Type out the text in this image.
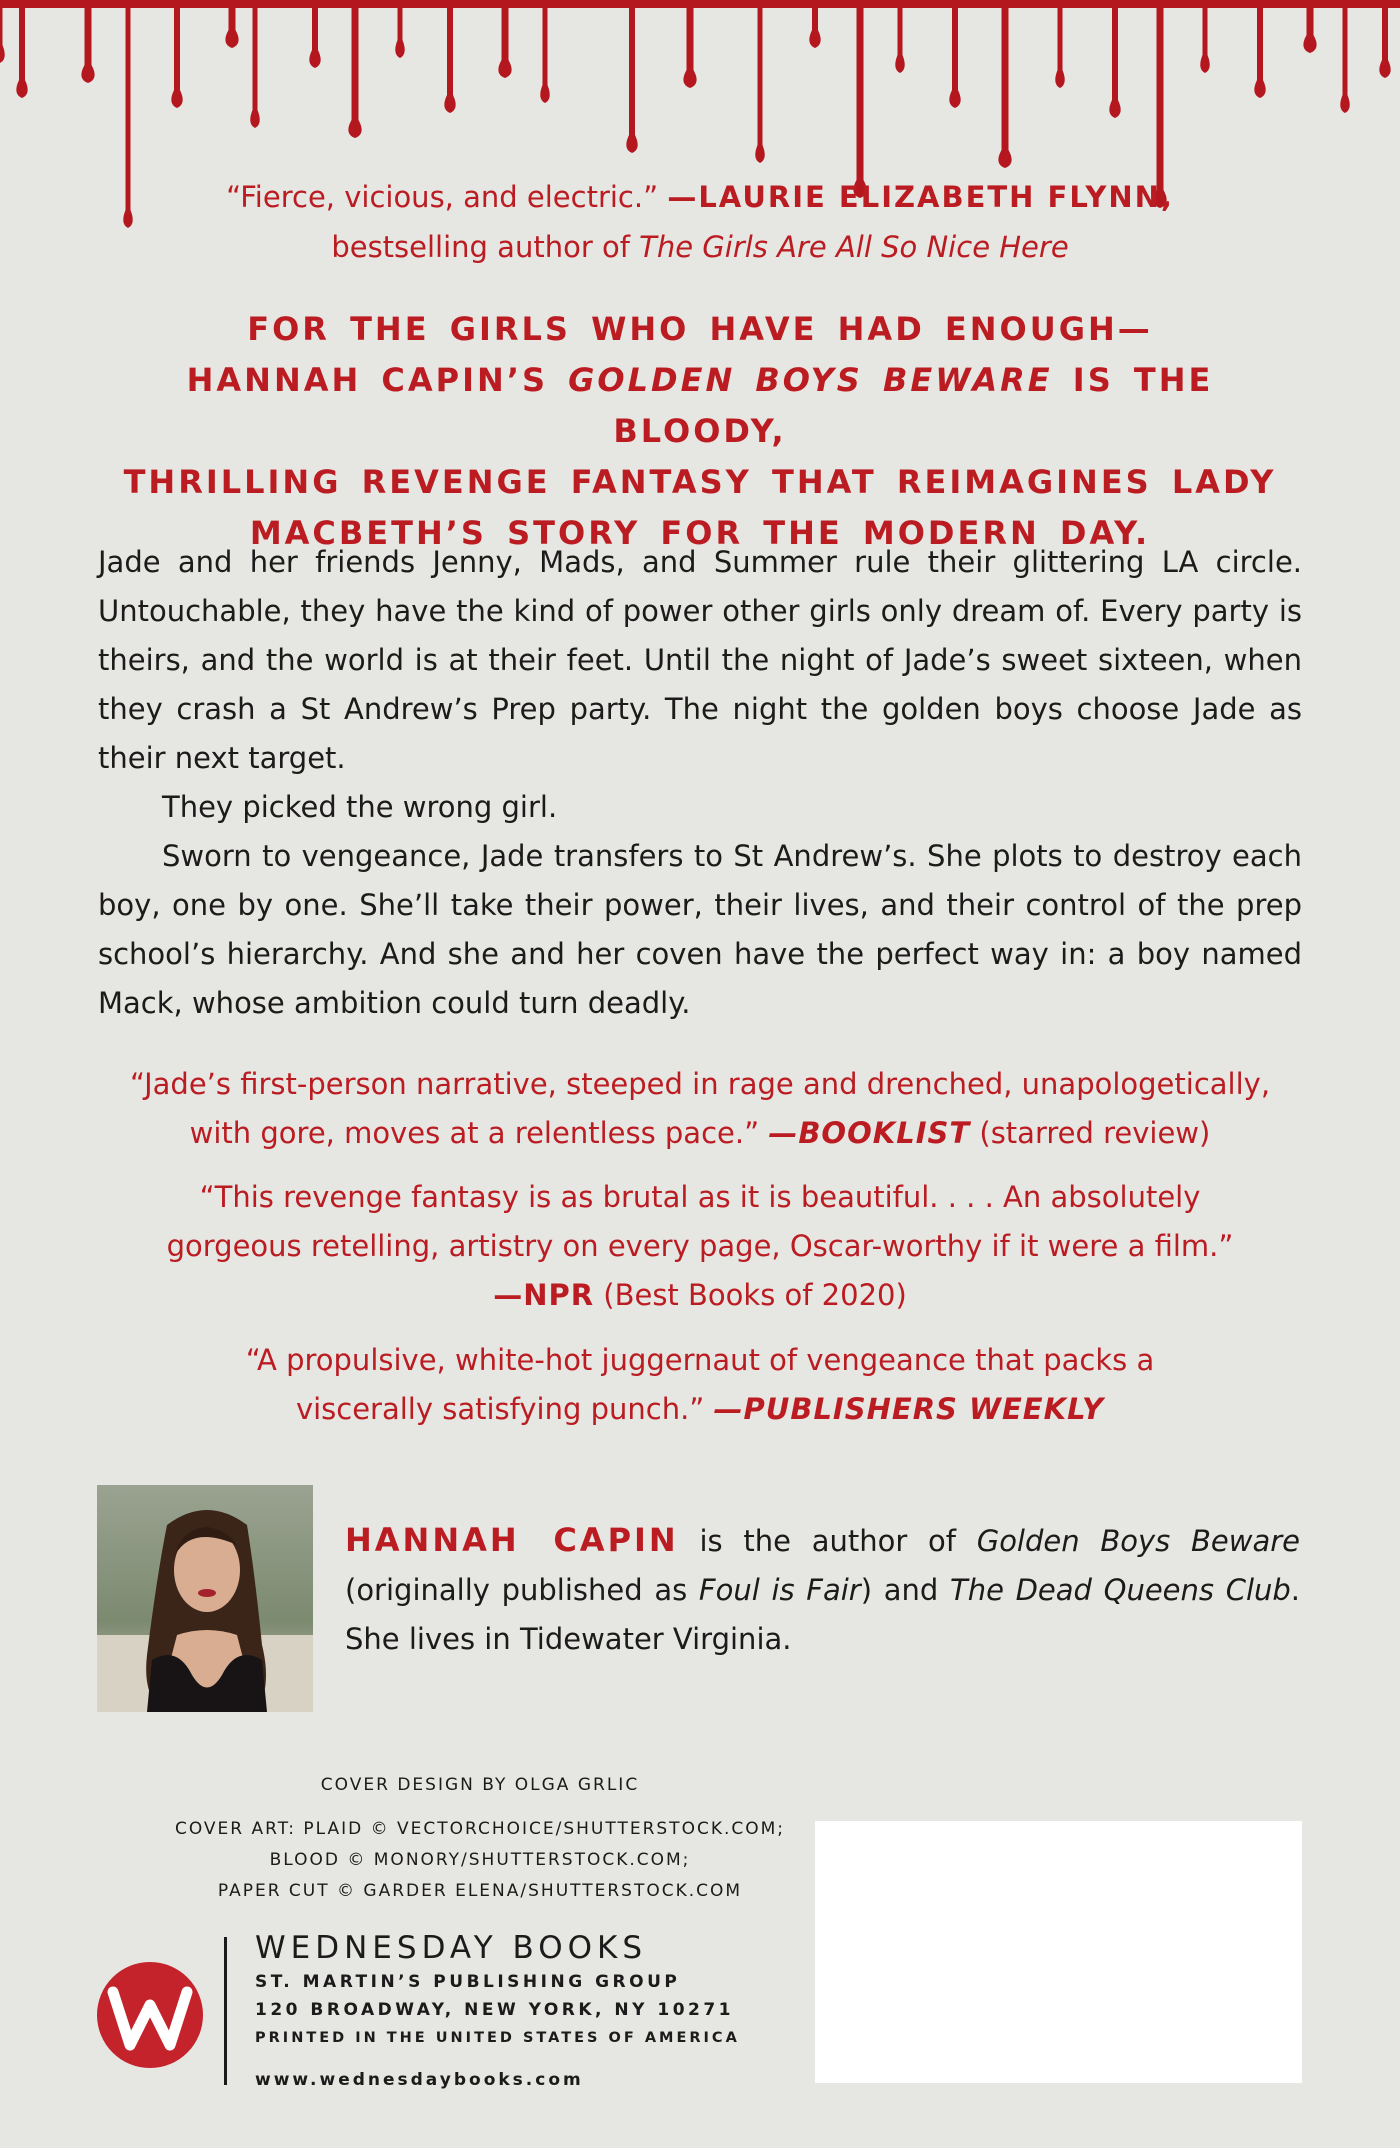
“Fierce, vicious, and electric.” —LAURIE ELIZABETH FLYNN,
bestselling author of The Girls Are All So Nice Here
FOR THE GIRLS WHO HAVE HAD ENOUGH—
HANNAH CAPIN’S GOLDEN BOYS BEWARE IS THE BLOODY,
THRILLING REVENGE FANTASY THAT REIMAGINES LADY
MACBETH’S STORY FOR THE MODERN DAY.

Jade and her friends Jenny, Mads, and Summer rule their glittering LA circle. Untouchable, they have the kind of power other girls only dream of. Every party is theirs, and the world is at their feet. Until the night of Jade’s sweet sixteen, when they crash a St Andrew’s Prep party. The night the golden boys choose Jade as their next target.

They picked the wrong girl.

Sworn to vengeance, Jade transfers to St Andrew’s. She plots to destroy each boy, one by one. She’ll take their power, their lives, and their control of the prep school’s hierarchy. And she and her coven have the perfect way in: a boy named Mack, whose ambition could turn deadly.

“Jade’s first-person narrative, steeped in rage and drenched, unapologetically,
with gore, moves at a relentless pace.” —BOOKLIST (starred review)
“This revenge fantasy is as brutal as it is beautiful. . . . An absolutely
gorgeous retelling, artistry on every page, Oscar-worthy if it were a film.”
—NPR (Best Books of 2020)
“A propulsive, white-hot juggernaut of vengeance that packs a
viscerally satisfying punch.” —PUBLISHERS WEEKLY
HANNAH CAPIN is the author of Golden Boys Beware (originally published as Foul is Fair) and The Dead Queens Club. She lives in Tidewater Virginia.
COVER DESIGN BY OLGA GRLIC
COVER ART: PLAID © VECTORCHOICE/SHUTTERSTOCK.COM;
BLOOD © MONORY/SHUTTERSTOCK.COM;
PAPER CUT © GARDER ELENA/SHUTTERSTOCK.COM
WEDNESDAY BOOKS
ST. MARTIN’S PUBLISHING GROUP
120 BROADWAY, NEW YORK, NY 10271
PRINTED IN THE UNITED STATES OF AMERICA
www.wednesdaybooks.com
